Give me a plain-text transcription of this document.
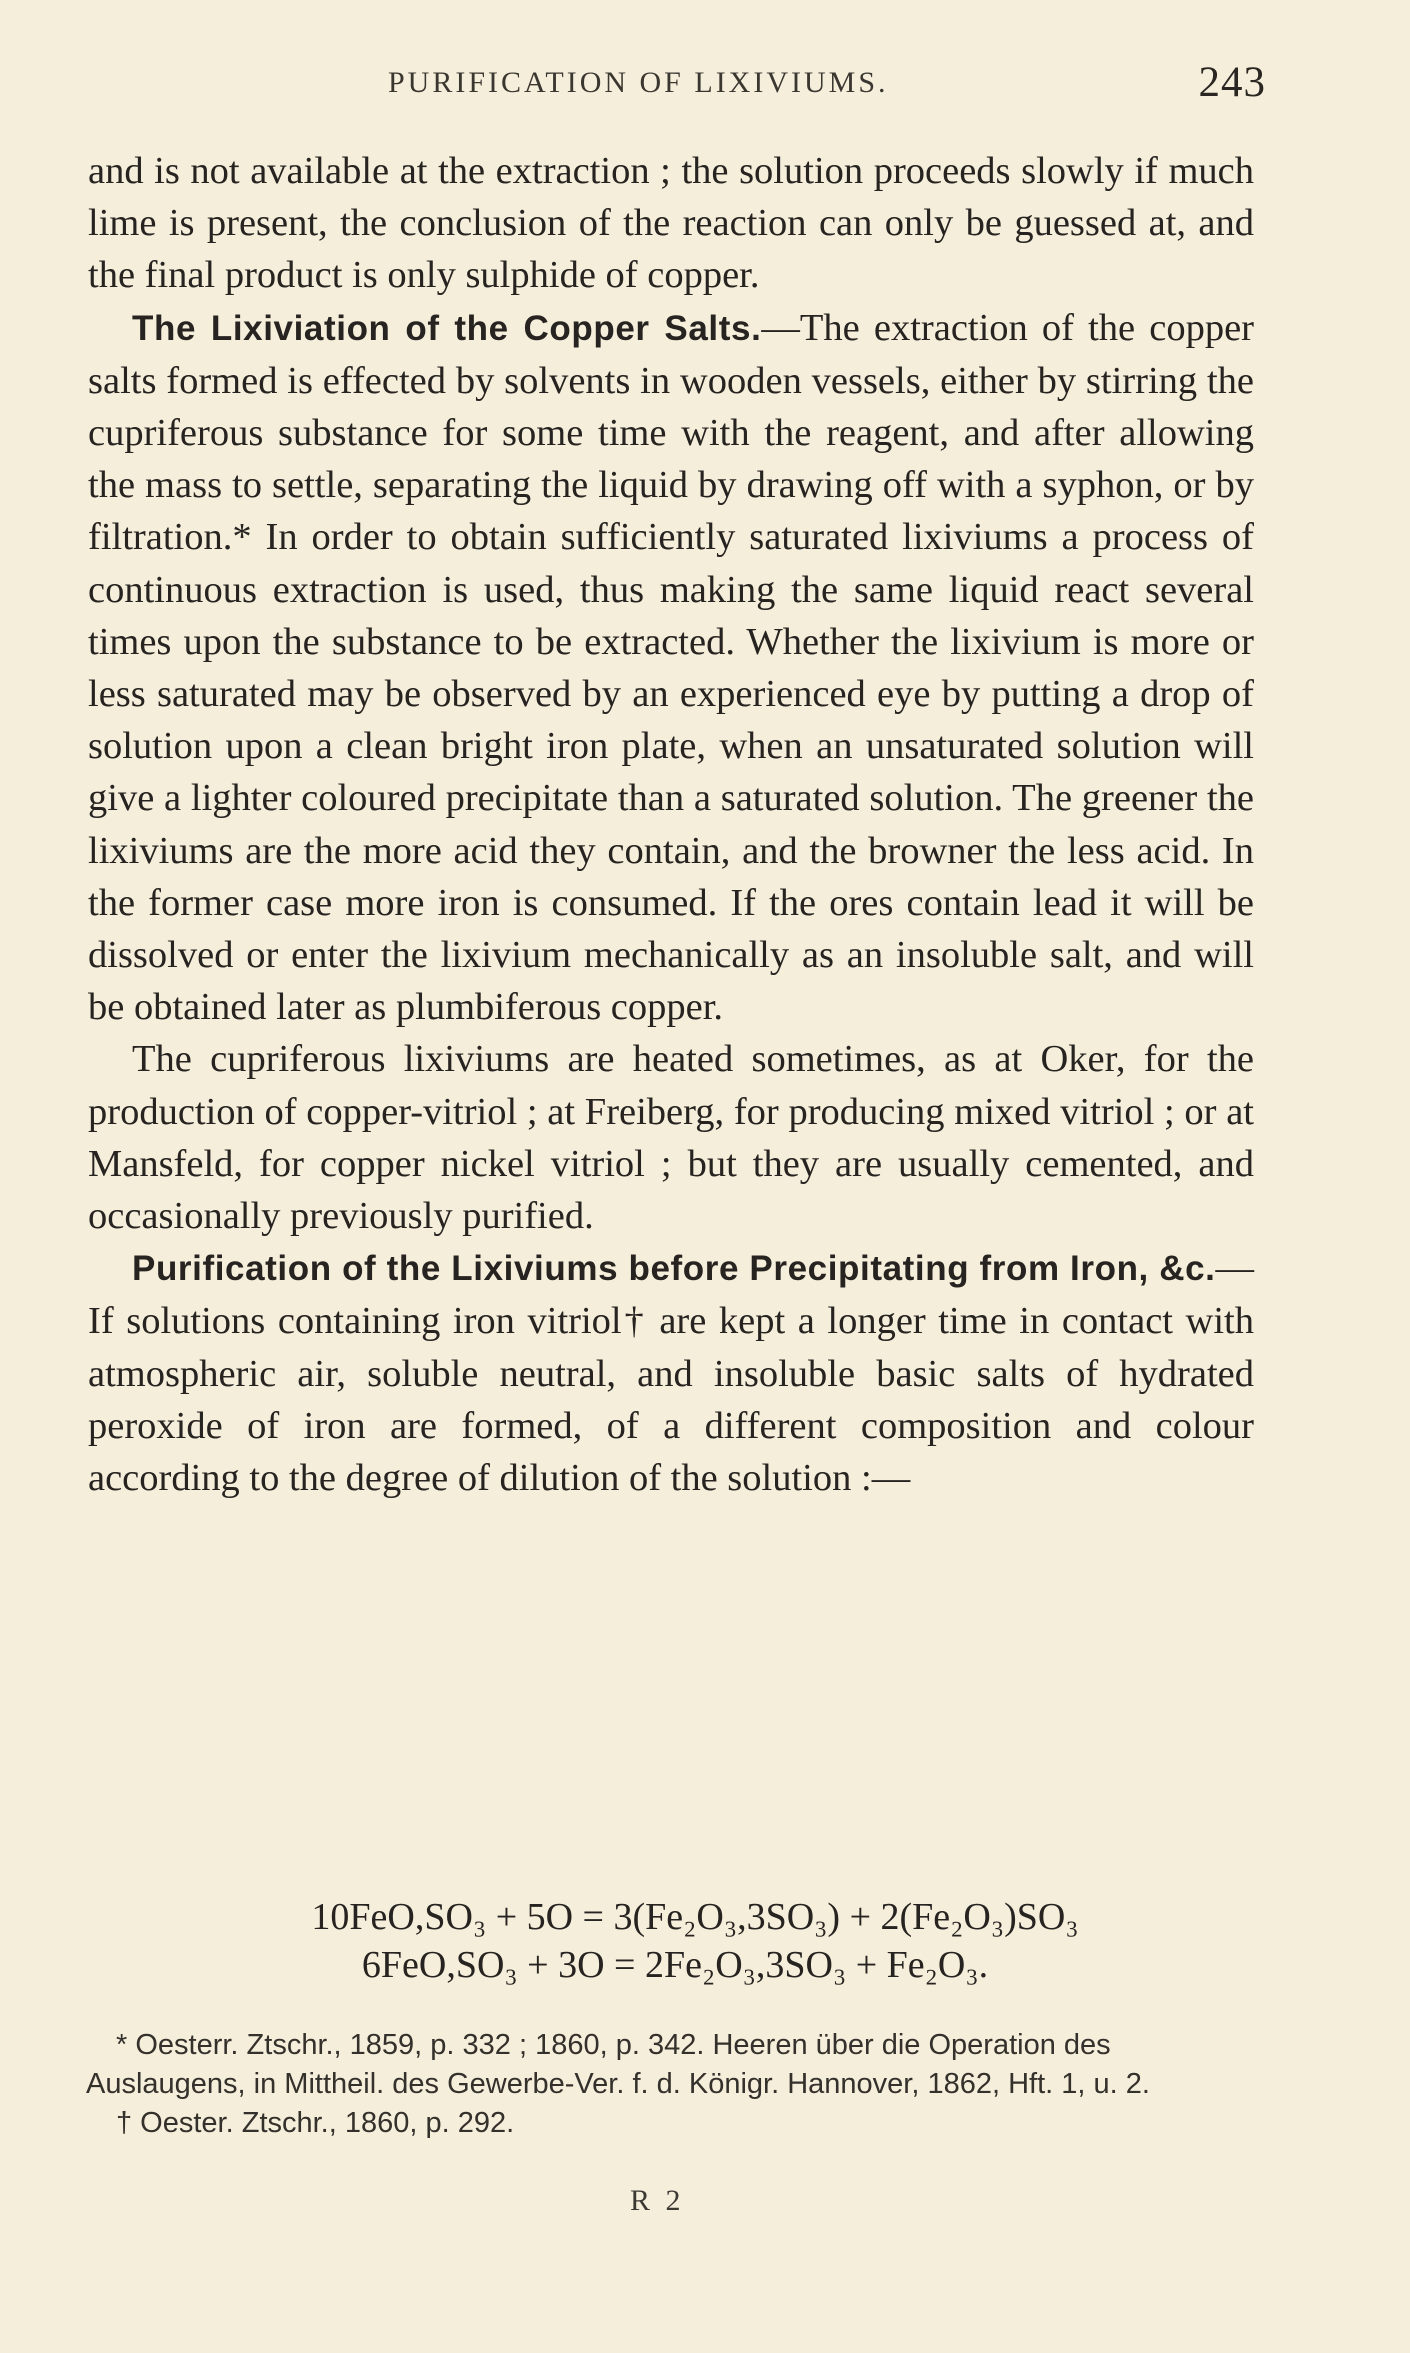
PURIFICATION OF LIXIVIUMS.	243

and is not available at the extraction ; the solution proceeds slowly if much lime is present, the conclusion of the reaction can only be guessed at, and the final product is only sulphide of copper.

The Lixiviation of the Copper Salts.—The extraction of the copper salts formed is effected by solvents in wooden vessels, either by stirring the cupriferous substance for some time with the reagent, and after allowing the mass to settle, separating the liquid by drawing off with a syphon, or by filtration.* In order to obtain sufficiently saturated lixiviums a process of continuous extraction is used, thus making the same liquid react several times upon the substance to be extracted. Whether the lixivium is more or less saturated may be observed by an experienced eye by putting a drop of solution upon a clean bright iron plate, when an unsaturated solution will give a lighter coloured precipitate than a saturated solution. The greener the lixiviums are the more acid they contain, and the browner the less acid. In the former case more iron is consumed. If the ores contain lead it will be dissolved or enter the lixivium mechanically as an insoluble salt, and will be obtained later as plumbiferous copper.

The cupriferous lixiviums are heated sometimes, as at Oker, for the production of copper-vitriol ; at Freiberg, for producing mixed vitriol ; or at Mansfeld, for copper nickel vitriol ; but they are usually cemented, and occasionally previously purified.

Purification of the Lixiviums before Precipitating from Iron, &c.—If solutions containing iron vitriol† are kept a longer time in contact with atmospheric air, soluble neutral, and insoluble basic salts of hydrated peroxide of iron are formed, of a different composition and colour according to the degree of dilution of the solution :—

10FeO,SO₃ + 5O = 3(Fe₂O₃,3SO₃) + 2(Fe₂O₃)SO₃
6FeO,SO₃ + 3O = 2Fe₂O₃,3SO₃ + Fe₂O₃.

* Oesterr. Ztschr., 1859, p. 332 ; 1860, p. 342. Heeren über die Operation des Auslaugens, in Mittheil. des Gewerbe-Ver. f. d. Königr. Hannover, 1862, Hft. 1, u. 2.

† Oester. Ztschr., 1860, p. 292.

R 2
